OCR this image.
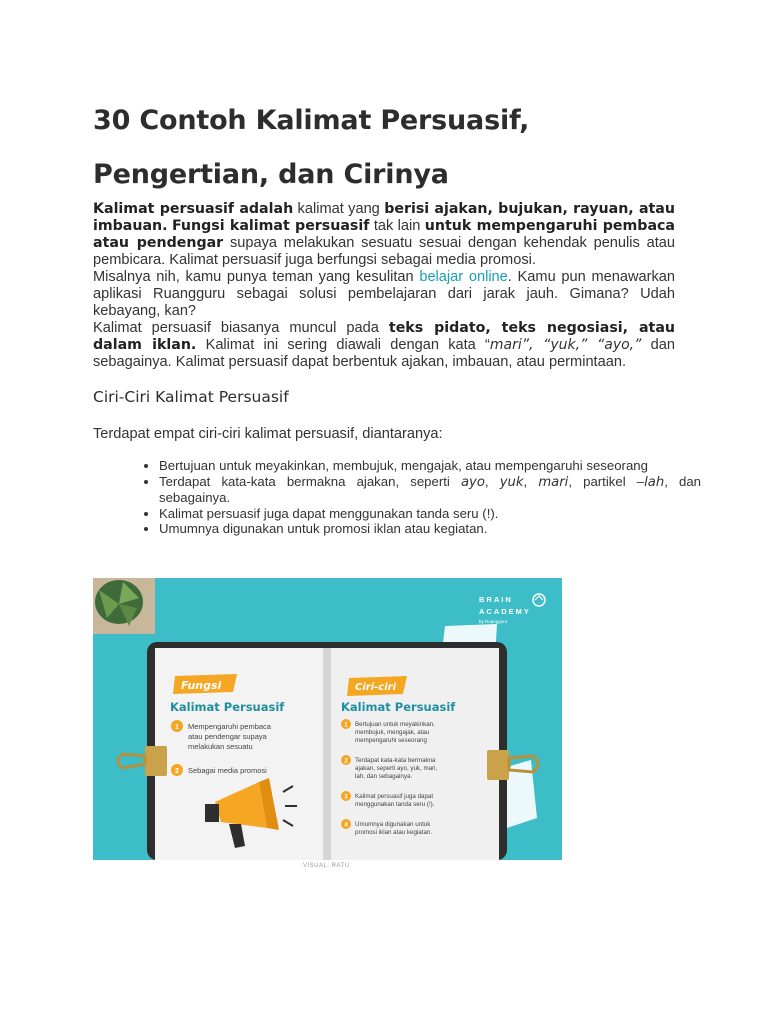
30 Contoh Kalimat Persuasif, Pengertian, dan Cirinya

Kalimat persuasif adalah kalimat yang berisi ajakan, bujukan, rayuan, atau imbauan. Fungsi kalimat persuasif tak lain untuk mempengaruhi pembaca atau pendengar supaya melakukan sesuatu sesuai dengan kehendak penulis atau pembicara. Kalimat persuasif juga berfungsi sebagai media promosi.

Misalnya nih, kamu punya teman yang kesulitan belajar online. Kamu pun menawarkan aplikasi Ruangguru sebagai solusi pembelajaran dari jarak jauh. Gimana? Udah kebayang, kan?

Kalimat persuasif biasanya muncul pada teks pidato, teks negosiasi, atau dalam iklan. Kalimat ini sering diawali dengan kata “mari”, “yuk,” “ayo,” dan sebagainya. Kalimat persuasif dapat berbentuk ajakan, imbauan, atau permintaan.

Ciri-Ciri Kalimat Persuasif

Terdapat empat ciri-ciri kalimat persuasif, diantaranya:

• Bertujuan untuk meyakinkan, membujuk, mengajak, atau mempengaruhi seseorang
• Terdapat kata-kata bermakna ajakan, seperti ayo, yuk, mari, partikel –lah, dan sebagainya.
• Kalimat persuasif juga dapat menggunakan tanda seru (!).
• Umumnya digunakan untuk promosi iklan atau kegiatan.
BRAIN
ACADEMY
by Ruangguru
Fungsi
Kalimat Persuasif
1 Mempengaruhi pembaca
atau pendengar supaya
melakukan sesuatu
2 Sebagai media promosi
Ciri-ciri
Kalimat Persuasif
1 Bertujuan untuk meyakinkan,
membujuk, mengajak, atau
mempengaruhi seseorang
2 Terdapat kata-kata bermakna
ajakan, seperti ayo, yuk, mari,
lah, dan sebagainya.
3 Kalimat persuasif juga dapat
menggunakan tanda seru (!).
4 Umumnya digunakan untuk
promosi iklan atau kegiatan.
VISUAL: RATU
